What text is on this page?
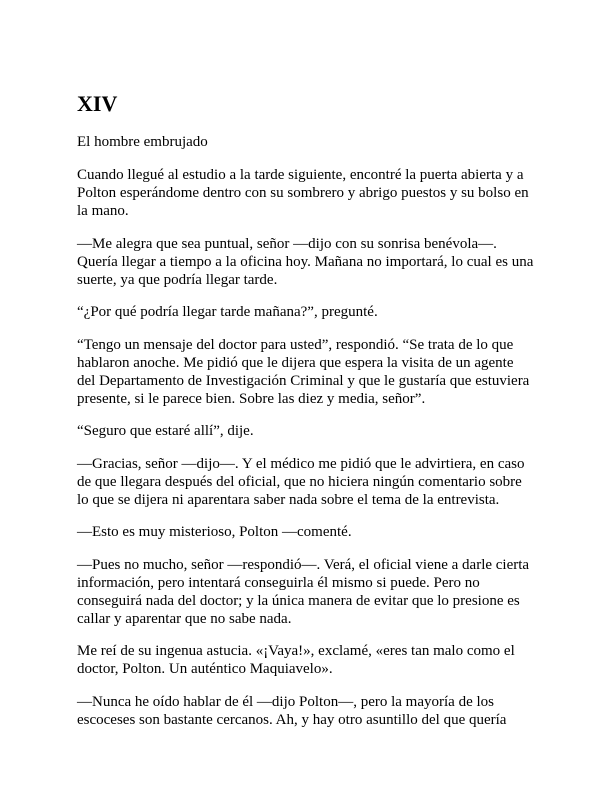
XIV

El hombre embrujado

Cuando llegué al estudio a la tarde siguiente, encontré la puerta abierta y a Polton esperándome dentro con su sombrero y abrigo puestos y su bolso en la mano.

—Me alegra que sea puntual, señor —dijo con su sonrisa benévola—. Quería llegar a tiempo a la oficina hoy. Mañana no importará, lo cual es una suerte, ya que podría llegar tarde.

“¿Por qué podría llegar tarde mañana?”, pregunté.

“Tengo un mensaje del doctor para usted”, respondió. “Se trata de lo que hablaron anoche. Me pidió que le dijera que espera la visita de un agente del Departamento de Investigación Criminal y que le gustaría que estuviera presente, si le parece bien. Sobre las diez y media, señor”.

“Seguro que estaré allí”, dije.

—Gracias, señor —dijo—. Y el médico me pidió que le advirtiera, en caso de que llegara después del oficial, que no hiciera ningún comentario sobre lo que se dijera ni aparentara saber nada sobre el tema de la entrevista.

—Esto es muy misterioso, Polton —comenté.

—Pues no mucho, señor —respondió—. Verá, el oficial viene a darle cierta información, pero intentará conseguirla él mismo si puede. Pero no conseguirá nada del doctor; y la única manera de evitar que lo presione es callar y aparentar que no sabe nada.

Me reí de su ingenua astucia. «¡Vaya!», exclamé, «eres tan malo como el doctor, Polton. Un auténtico Maquiavelo».

—Nunca he oído hablar de él —dijo Polton—, pero la mayoría de los escoceses son bastante cercanos. Ah, y hay otro asuntillo del que quería
